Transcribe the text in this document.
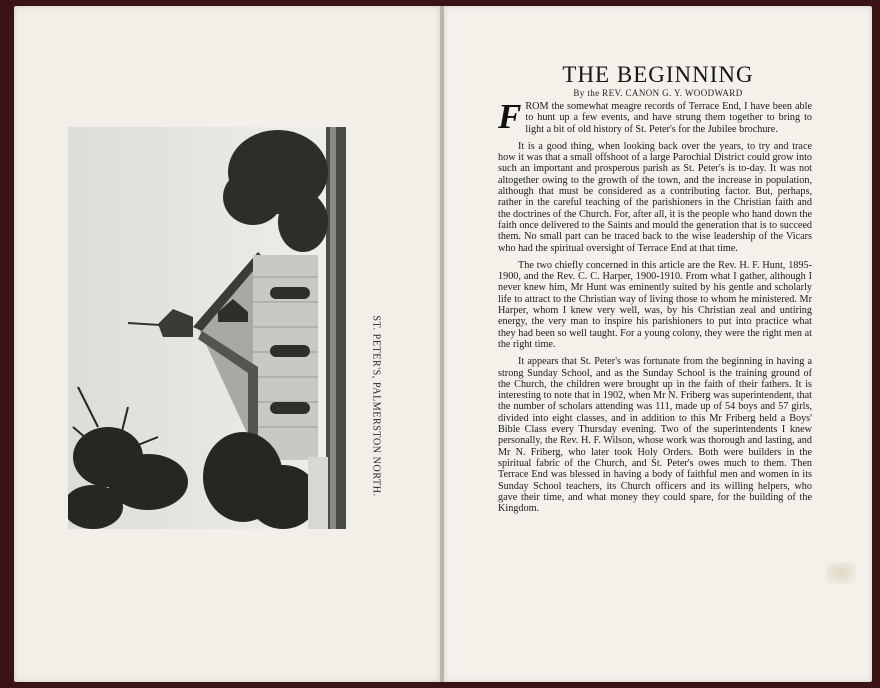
ST. PETER'S, PALMERSTON NORTH.
THE BEGINNING
By the REV. CANON G. Y. WOODWARD

FROM the somewhat meagre records of Terrace End, I have been able to hunt up a few events, and have strung them together to bring to light a bit of old history of St. Peter's for the Jubilee brochure.

It is a good thing, when looking back over the years, to try and trace how it was that a small offshoot of a large Parochial District could grow into such an important and prosperous parish as St. Peter's is to-day. It was not altogether owing to the growth of the town, and the increase in population, although that must be considered as a contributing factor. But, perhaps, rather in the careful teaching of the parishioners in the Christian faith and the doctrines of the Church. For, after all, it is the people who hand down the faith once delivered to the Saints and mould the generation that is to succeed them. No small part can be traced back to the wise leadership of the Vicars who had the spiritual oversight of Terrace End at that time.

The two chiefly concerned in this article are the Rev. H. F. Hunt, 1895-1900, and the Rev. C. C. Harper, 1900-1910. From what I gather, although I never knew him, Mr Hunt was eminently suited by his gentle and scholarly life to attract to the Christian way of living those to whom he ministered. Mr Harper, whom I knew very well, was, by his Christian zeal and untiring energy, the very man to inspire his parishioners to put into practice what they had been so well taught. For a young colony, they were the right men at the right time.

It appears that St. Peter's was fortunate from the beginning in having a strong Sunday School, and as the Sunday School is the training ground of the Church, the children were brought up in the faith of their fathers. It is interesting to note that in 1902, when Mr N. Friberg was superintendent, that the number of scholars attending was 111, made up of 54 boys and 57 girls, divided into eight classes, and in addition to this Mr Friberg held a Boys' Bible Class every Thursday evening. Two of the superintendents I knew personally, the Rev. H. F. Wilson, whose work was thorough and lasting, and Mr N. Friberg, who later took Holy Orders. Both were builders in the spiritual fabric of the Church, and St. Peter's owes much to them. Then Terrace End was blessed in having a body of faithful men and women in its Sunday School teachers, its Church officers and its willing helpers, who gave their time, and what money they could spare, for the building of the Kingdom.
